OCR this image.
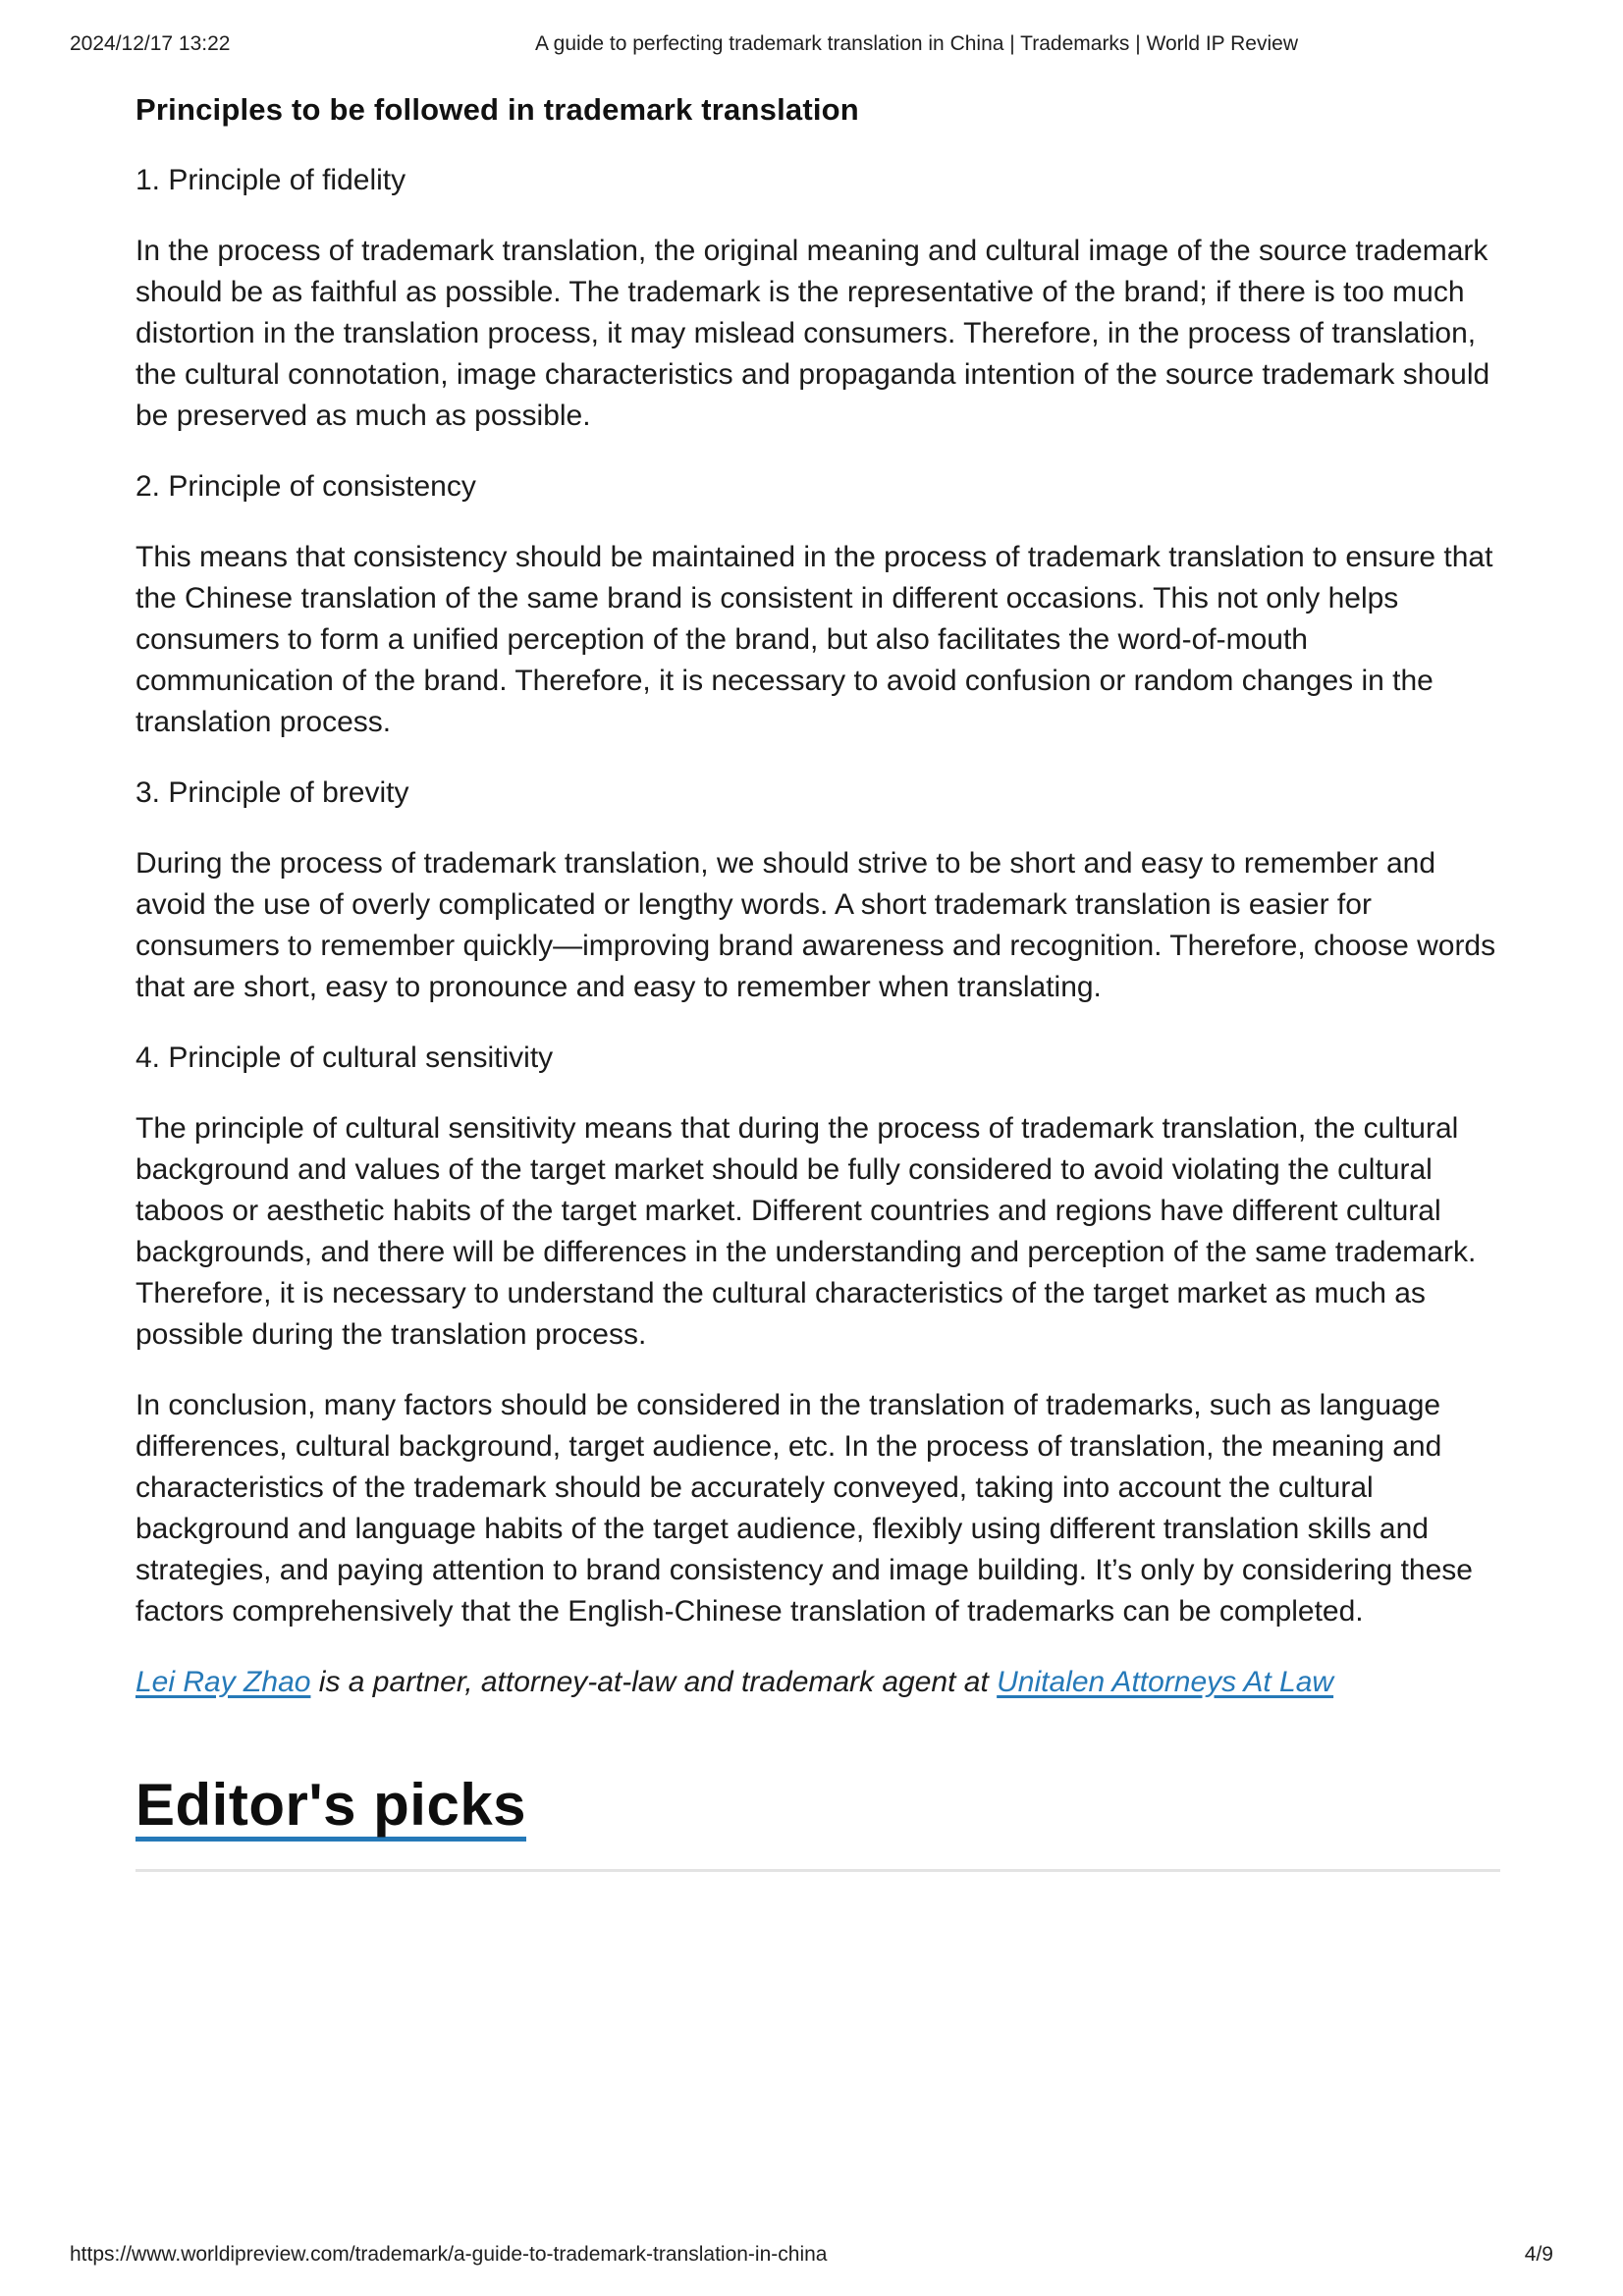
2024/12/17 13:22	A guide to perfecting trademark translation in China | Trademarks | World IP Review
Principles to be followed in trademark translation

1. Principle of fidelity

In the process of trademark translation, the original meaning and cultural image of the source trademark should be as faithful as possible. The trademark is the representative of the brand; if there is too much distortion in the translation process, it may mislead consumers. Therefore, in the process of translation, the cultural connotation, image characteristics and propaganda intention of the source trademark should be preserved as much as possible.

2. Principle of consistency

This means that consistency should be maintained in the process of trademark translation to ensure that the Chinese translation of the same brand is consistent in different occasions. This not only helps consumers to form a unified perception of the brand, but also facilitates the word-of-mouth communication of the brand. Therefore, it is necessary to avoid confusion or random changes in the translation process.

3. Principle of brevity

During the process of trademark translation, we should strive to be short and easy to remember and avoid the use of overly complicated or lengthy words. A short trademark translation is easier for consumers to remember quickly—improving brand awareness and recognition. Therefore, choose words that are short, easy to pronounce and easy to remember when translating.

4. Principle of cultural sensitivity

The principle of cultural sensitivity means that during the process of trademark translation, the cultural background and values of the target market should be fully considered to avoid violating the cultural taboos or aesthetic habits of the target market. Different countries and regions have different cultural backgrounds, and there will be differences in the understanding and perception of the same trademark. Therefore, it is necessary to understand the cultural characteristics of the target market as much as possible during the translation process.

In conclusion, many factors should be considered in the translation of trademarks, such as language differences, cultural background, target audience, etc. In the process of translation, the meaning and characteristics of the trademark should be accurately conveyed, taking into account the cultural background and language habits of the target audience, flexibly using different translation skills and strategies, and paying attention to brand consistency and image building. It’s only by considering these factors comprehensively that the English-Chinese translation of trademarks can be completed.

Lei Ray Zhao is a partner, attorney-at-law and trademark agent at Unitalen Attorneys At Law

Editor's picks
https://www.worldipreview.com/trademark/a-guide-to-trademark-translation-in-china	4/9
